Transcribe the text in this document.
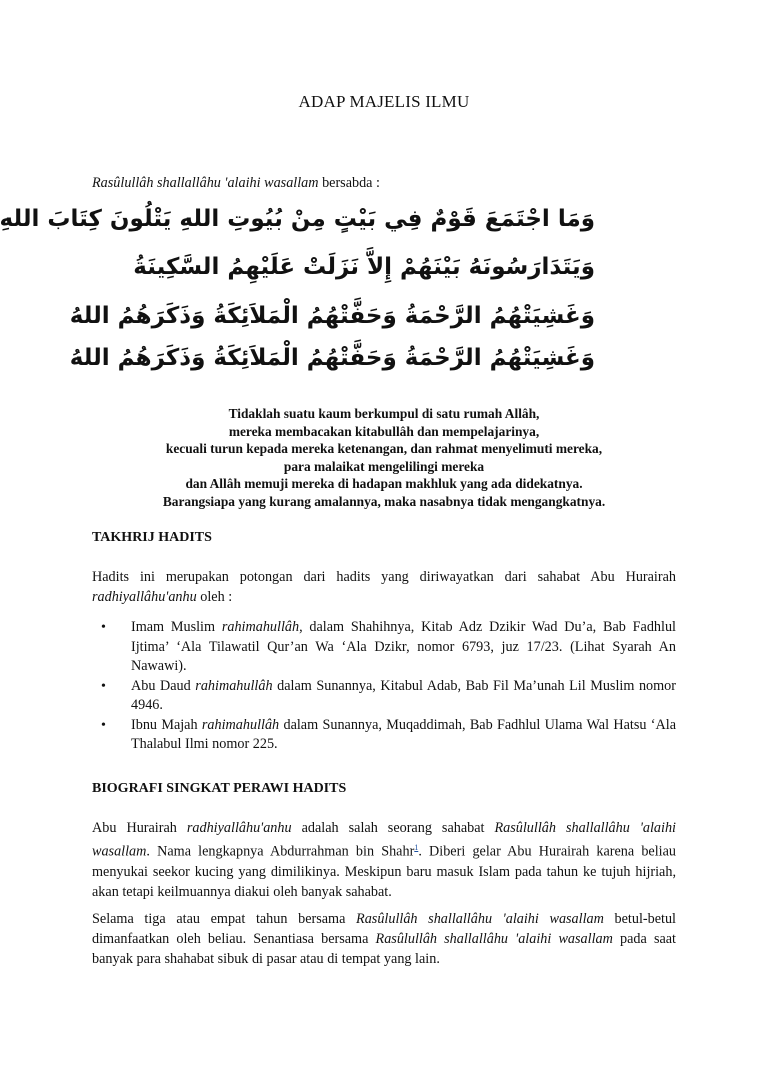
ADAP MAJELIS ILMU
Rasûlullâh shallallâhu 'alaihi wasallam bersabda :
وَمَا اجْتَمَعَ قَوْمٌ فِي بَيْتٍ مِنْ بُيُوتِ اللهِ يَتْلُونَ كِتَابَ اللهِ
وَيَتَدَارَسُونَهُ بَيْنَهُمْ إِلاَّ نَزَلَتْ عَلَيْهِمُ السَّكِينَةُ
وَغَشِيَتْهُمُ الرَّحْمَةُ وَحَفَّتْهُمُ الْمَلاَئِكَةُ وَذَكَرَهُمُ اللهُ
وَغَشِيَتْهُمُ الرَّحْمَةُ وَحَفَّتْهُمُ الْمَلاَئِكَةُ وَذَكَرَهُمُ اللهُ
Tidaklah suatu kaum berkumpul di satu rumah Allâh,
mereka membacakan kitabullâh dan mempelajarinya,
kecuali turun kepada mereka ketenangan, dan rahmat menyelimuti mereka,
para malaikat mengelilingi mereka
dan Allâh memuji mereka di hadapan makhluk yang ada didekatnya.
Barangsiapa yang kurang amalannya, maka nasabnya tidak mengangkatnya.
TAKHRIJ HADITS
Hadits ini merupakan potongan dari hadits yang diriwayatkan dari sahabat Abu Hurairah radhiyallâhu'anhu oleh :
• Imam Muslim rahimahullâh, dalam Shahihnya, Kitab Adz Dzikir Wad Du’a, Bab Fadhlul Ijtima’ ‘Ala Tilawatil Qur’an Wa ‘Ala Dzikr, nomor 6793, juz 17/23. (Lihat Syarah An Nawawi).
• Abu Daud rahimahullâh dalam Sunannya, Kitabul Adab, Bab Fil Ma’unah Lil Muslim nomor 4946.
• Ibnu Majah rahimahullâh dalam Sunannya, Muqaddimah, Bab Fadhlul Ulama Wal Hatsu ‘Ala Thalabul Ilmi nomor 225.
BIOGRAFI SINGKAT PERAWI HADITS
Abu Hurairah radhiyallâhu'anhu adalah salah seorang sahabat Rasûlullâh shallallâhu 'alaihi wasallam. Nama lengkapnya Abdurrahman bin Shahr$^1$. Diberi gelar Abu Hurairah karena beliau menyukai seekor kucing yang dimilikinya. Meskipun baru masuk Islam pada tahun ke tujuh hijriah, akan tetapi keilmuannya diakui oleh banyak sahabat.
Selama tiga atau empat tahun bersama Rasûlullâh shallallâhu 'alaihi wasallam betul-betul dimanfaatkan oleh beliau. Senantiasa bersama Rasûlullâh shallallâhu 'alaihi wasallam pada saat banyak para shahabat sibuk di pasar atau di tempat yang lain.
